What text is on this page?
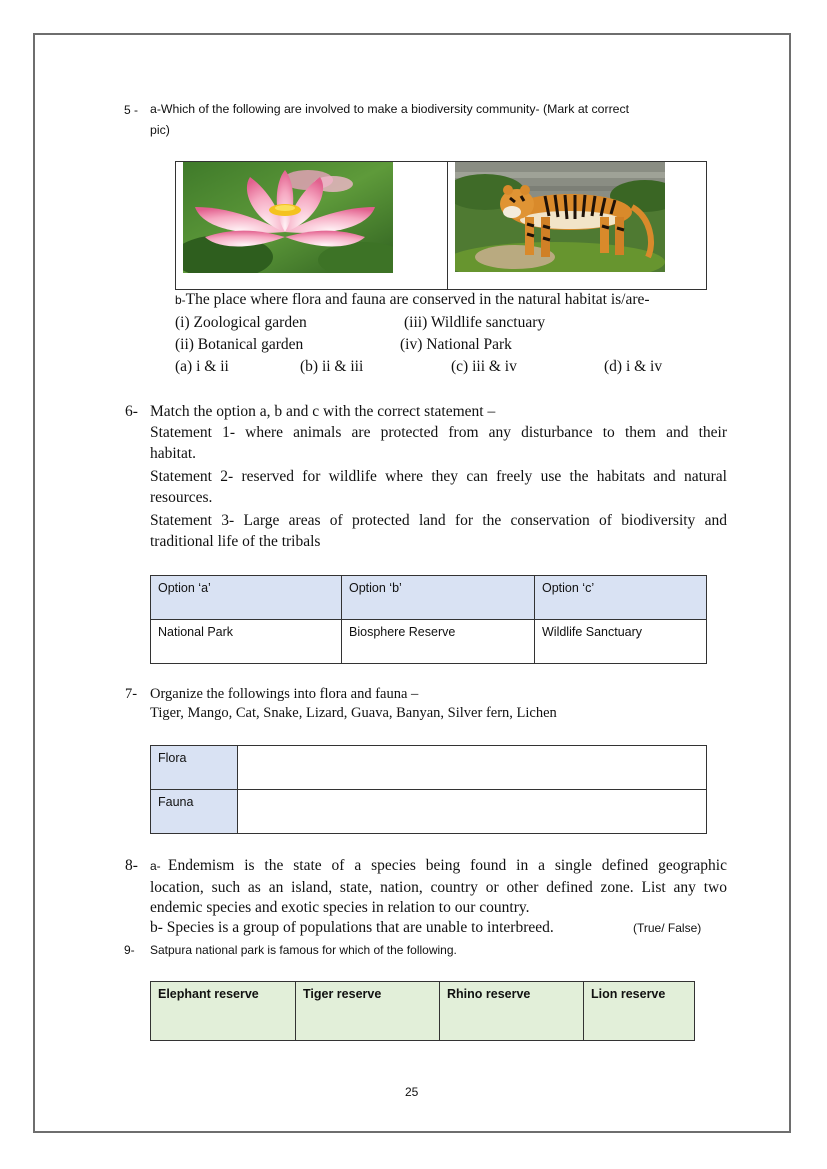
5 - a-Which of the following are involved to make a biodiversity community- (Mark at correct
pic)
b-The place where flora and fauna are conserved in the natural habitat is/are-
(i) Zoological garden	(iii) Wildlife sanctuary
(ii) Botanical garden	(iv) National Park
(a) i & ii	(b) ii & iii	(c) iii & iv	(d) i & iv
6- Match the option a, b and c with the correct statement –
Statement 1- where animals are protected from any disturbance to them and their
habitat.
Statement 2- reserved for wildlife where they can freely use the habitats and natural
resources.
Statement 3- Large areas of protected land for the conservation of biodiversity and
traditional life of the tribals
Option ‘a’	Option ‘b’	Option ‘c’
National Park	Biosphere Reserve	Wildlife Sanctuary
7- Organize the followings into flora and fauna –
Tiger, Mango, Cat, Snake, Lizard, Guava, Banyan, Silver fern, Lichen
Flora	
Fauna	
8- a- Endemism is the state of a species being found in a single defined geographic
location, such as an island, state, nation, country or other defined zone. List any two
endemic species and exotic species in relation to our country.
b- Species is a group of populations that are unable to interbreed.	(True/ False)
9- Satpura national park is famous for which of the following.
Elephant reserve	Tiger reserve	Rhino reserve	Lion reserve
25
